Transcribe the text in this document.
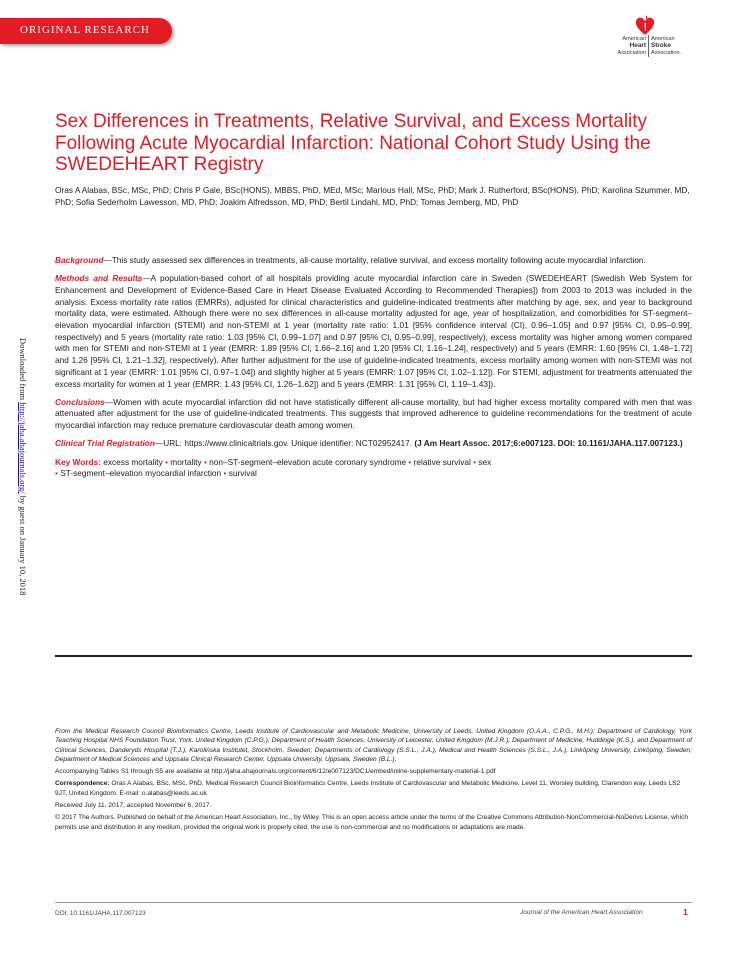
ORIGINAL RESEARCH
American
Heart
Association
American
Stroke
Association.
Downloaded from http://jaha.ahajournals.org/ by guest on January 10, 2018
Sex Differences in Treatments, Relative Survival, and Excess Mortality Following Acute Myocardial Infarction: National Cohort Study Using the SWEDEHEART Registry
Oras A Alabas, BSc, MSc, PhD; Chris P Gale, BSc(HONS), MBBS, PhD, MEd, MSc; Marlous Hall, MSc, PhD; Mark J. Rutherford, BSc(HONS), PhD; Karolina Szummer, MD, PhD; Sofia Sederholm Lawesson, MD, PhD; Joakim Alfredsson, MD, PhD; Bertil Lindahl, MD, PhD; Tomas Jernberg, MD, PhD

Background—This study assessed sex differences in treatments, all-cause mortality, relative survival, and excess mortality following acute myocardial infarction.

Methods and Results—A population-based cohort of all hospitals providing acute myocardial infarction care in Sweden (SWEDEHEART [Swedish Web System for Enhancement and Development of Evidence-Based Care in Heart Disease Evaluated According to Recommended Therapies]) from 2003 to 2013 was included in the analysis. Excess mortality rate ratios (EMRRs), adjusted for clinical characteristics and guideline-indicated treatments after matching by age, sex, and year to background mortality data, were estimated. Although there were no sex differences in all-cause mortality adjusted for age, year of hospitalization, and comorbidities for ST-segment–elevation myocardial infarction (STEMI) and non-STEMI at 1 year (mortality rate ratio: 1.01 [95% confidence interval (CI), 0.96–1.05] and 0.97 [95% CI, 0.95–0.99], respectively) and 5 years (mortality rate ratio: 1.03 [95% CI, 0.99–1.07] and 0.97 [95% CI, 0.95–0.99], respectively), excess mortality was higher among women compared with men for STEMI and non-STEMI at 1 year (EMRR: 1.89 [95% CI, 1.66–2.16] and 1.20 [95% CI, 1.16–1.24], respectively) and 5 years (EMRR: 1.60 [95% CI, 1.48–1.72] and 1.26 [95% CI, 1.21–1.32], respectively). After further adjustment for the use of guideline-indicated treatments, excess mortality among women with non-STEMI was not significant at 1 year (EMRR: 1.01 [95% CI, 0.97–1.04]) and slightly higher at 5 years (EMRR: 1.07 [95% CI, 1.02–1.12]). For STEMI, adjustment for treatments attenuated the excess mortality for women at 1 year (EMRR: 1.43 [95% CI, 1.26–1.62]) and 5 years (EMRR: 1.31 [95% CI, 1.19–1.43]).

Conclusions—Women with acute myocardial infarction did not have statistically different all-cause mortality, but had higher excess mortality compared with men that was attenuated after adjustment for the use of guideline-indicated treatments. This suggests that improved adherence to guideline recommendations for the treatment of acute myocardial infarction may reduce premature cardiovascular death among women.

Clinical Trial Registration—URL: https://www.clinicaltrials.gov. Unique identifier: NCT02952417. (J Am Heart Assoc. 2017;6:e007123. DOI: 10.1161/JAHA.117.007123.)

Key Words: excess mortality • mortality • non–ST-segment–elevation acute coronary syndrome • relative survival • sex
• ST-segment–elevation myocardial infarction • survival

From the Medical Research Council Bioinformatics Centre, Leeds Institute of Cardiovascular and Metabolic Medicine, University of Leeds, United Kingdom (O.A.A., C.P.G., M.H.); Department of Cardiology, York Teaching Hospital NHS Foundation Trust, York, United Kingdom (C.P.G.); Department of Health Sciences, University of Leicester, United Kingdom (M.J.R.); Department of Medicine, Huddinge (K.S.), and Department of Clinical Sciences, Danderyds Hospital (T.J.), Karolinska Institutet, Stockholm, Sweden; Departments of Cardiology (S.S.L., J.A.), Medical and Health Sciences (S.S.L., J.A.), Linköping University, Linköping, Sweden; Department of Medical Sciences and Uppsala Clinical Research Center, Uppsala University, Uppsala, Sweden (B.L.).

Accompanying Tables S1 through S5 are available at http://jaha.ahajournals.org/content/6/12/e007123/DC1/embed/inline-supplementary-material-1.pdf

Correspondence: Oras A Alabas, BSc, MSc, PhD, Medical Research Council Bioinformatics Centre, Leeds Institute of Cardiovascular and Metabolic Medicine, Level 11, Worsley building, Clarendon way, Leeds LS2 9JT, United Kingdom. E-mail: o.alabas@leeds.ac.uk

Received July 11, 2017; accepted November 6, 2017.

© 2017 The Authors. Published on behalf of the American Heart Association, Inc., by Wiley. This is an open access article under the terms of the Creative Commons Attribution-NonCommercial-NoDerivs License, which permits use and distribution in any medium, provided the original work is properly cited, the use is non-commercial and no modifications or adaptations are made.

DOI: 10.1161/JAHA.117.007123	Journal of the American Heart Association	1
